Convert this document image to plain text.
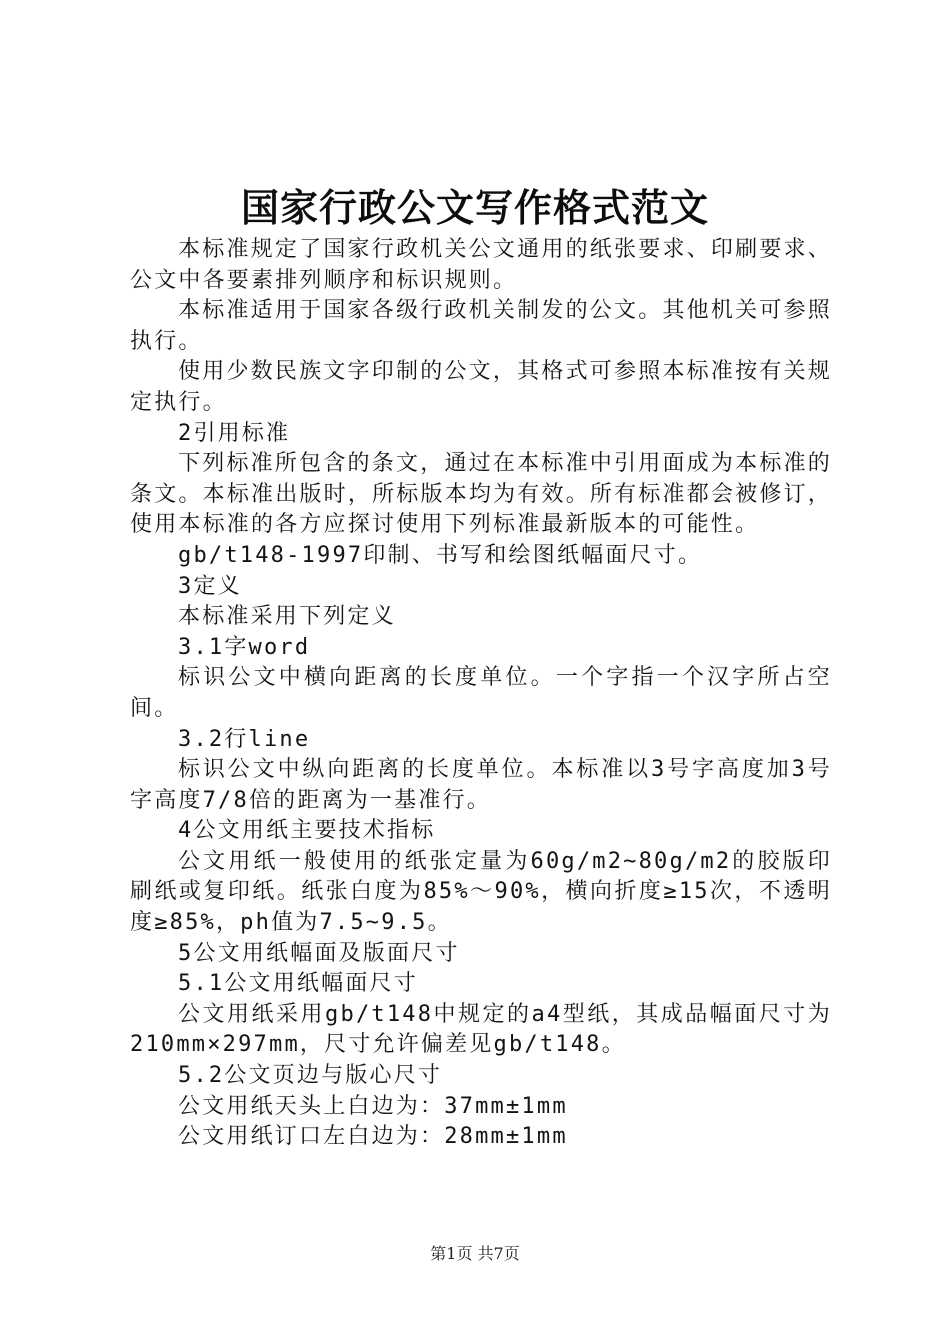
国家行政公文写作格式范文

本标准规定了国家行政机关公文通用的纸张要求、印刷要求、公文中各要素排列顺序和标识规则。

本标准适用于国家各级行政机关制发的公文。其他机关可参照执行。

使用少数民族文字印制的公文，其格式可参照本标准按有关规定执行。

2引用标准

下列标准所包含的条文，通过在本标准中引用面成为本标准的条文。本标准出版时，所标版本均为有效。所有标准都会被修订，使用本标准的各方应探讨使用下列标准最新版本的可能性。

gb/t148-1997印制、书写和绘图纸幅面尺寸。

3定义

本标准采用下列定义

3.1字word

标识公文中横向距离的长度单位。一个字指一个汉字所占空间。

3.2行line

标识公文中纵向距离的长度单位。本标准以3号字高度加3号字高度7/8倍的距离为一基准行。

4公文用纸主要技术指标

公文用纸一般使用的纸张定量为60g/m2~80g/m2的胶版印刷纸或复印纸。纸张白度为85%～90%，横向折度≥15次，不透明度≥85%，ph值为7.5~9.5。

5公文用纸幅面及版面尺寸

5.1公文用纸幅面尺寸

公文用纸采用gb/t148中规定的a4型纸，其成品幅面尺寸为210mm×297mm，尺寸允许偏差见gb/t148。

5.2公文页边与版心尺寸

公文用纸天头上白边为：37mm±1mm

公文用纸订口左白边为：28mm±1mm

第1页 共7页
